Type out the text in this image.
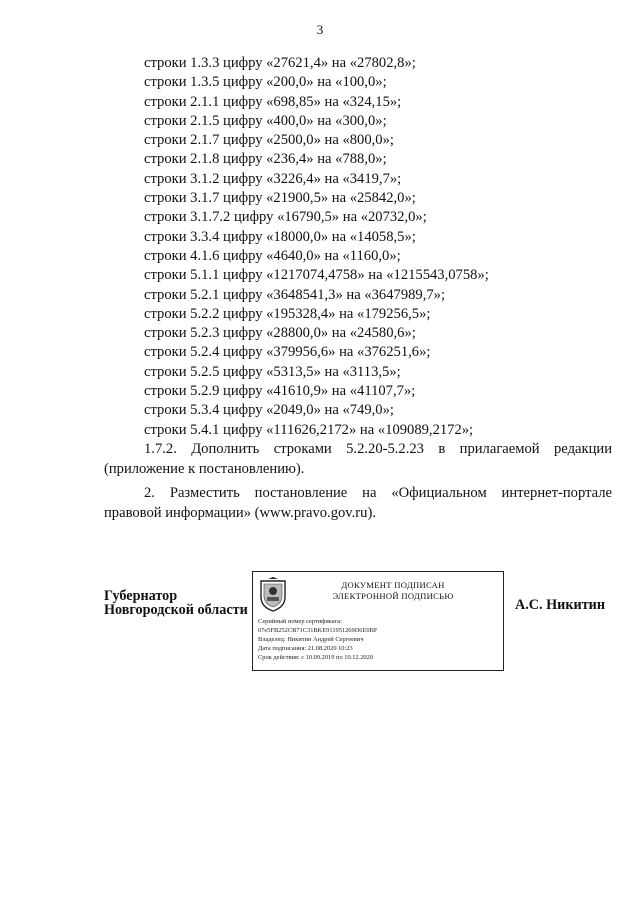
3
строки 1.3.3 цифру «27621,4» на «27802,8»;
строки 1.3.5 цифру «200,0» на «100,0»;
строки 2.1.1 цифру «698,85» на «324,15»;
строки 2.1.5 цифру «400,0» на «300,0»;
строки 2.1.7 цифру «2500,0» на «800,0»;
строки 2.1.8 цифру «236,4» на «788,0»;
строки 3.1.2 цифру «3226,4» на «3419,7»;
строки 3.1.7 цифру «21900,5» на «25842,0»;
строки 3.1.7.2 цифру «16790,5» на «20732,0»;
строки 3.3.4 цифру «18000,0» на «14058,5»;
строки 4.1.6 цифру «4640,0» на «1160,0»;
строки 5.1.1 цифру «1217074,4758» на «1215543,0758»;
строки 5.2.1 цифру «3648541,3» на «3647989,7»;
строки 5.2.2 цифру «195328,4» на «179256,5»;
строки 5.2.3 цифру «28800,0» на «24580,6»;
строки 5.2.4 цифру «379956,6» на «376251,6»;
строки 5.2.5 цифру «5313,5» на «3113,5»;
строки 5.2.9 цифру «41610,9» на «41107,7»;
строки 5.3.4 цифру «2049,0» на «749,0»;
строки 5.4.1 цифру «111626,2172» на «109089,2172»;
1.7.2. Дополнить строками 5.2.20-5.2.23 в прилагаемой редакции (приложение к постановлению).
2. Разместить постановление на «Официальном интернет-портале правовой информации» (www.pravo.gov.ru).
Губернатор
Новгородской области
ДОКУМЕНТ ПОДПИСАН
ЭЛЕКТРОННОЙ ПОДПИСЬЮ
Серийный номер сертификата:
07e5FB252CB71C31BKE911951269D6E0BF
Владелец: Никитин Андрей Сергеевич
Дата подписания: 21.08.2020 10:23
Срок действия: с 10.09.2019 по 10.12.2020
А.С. Никитин
